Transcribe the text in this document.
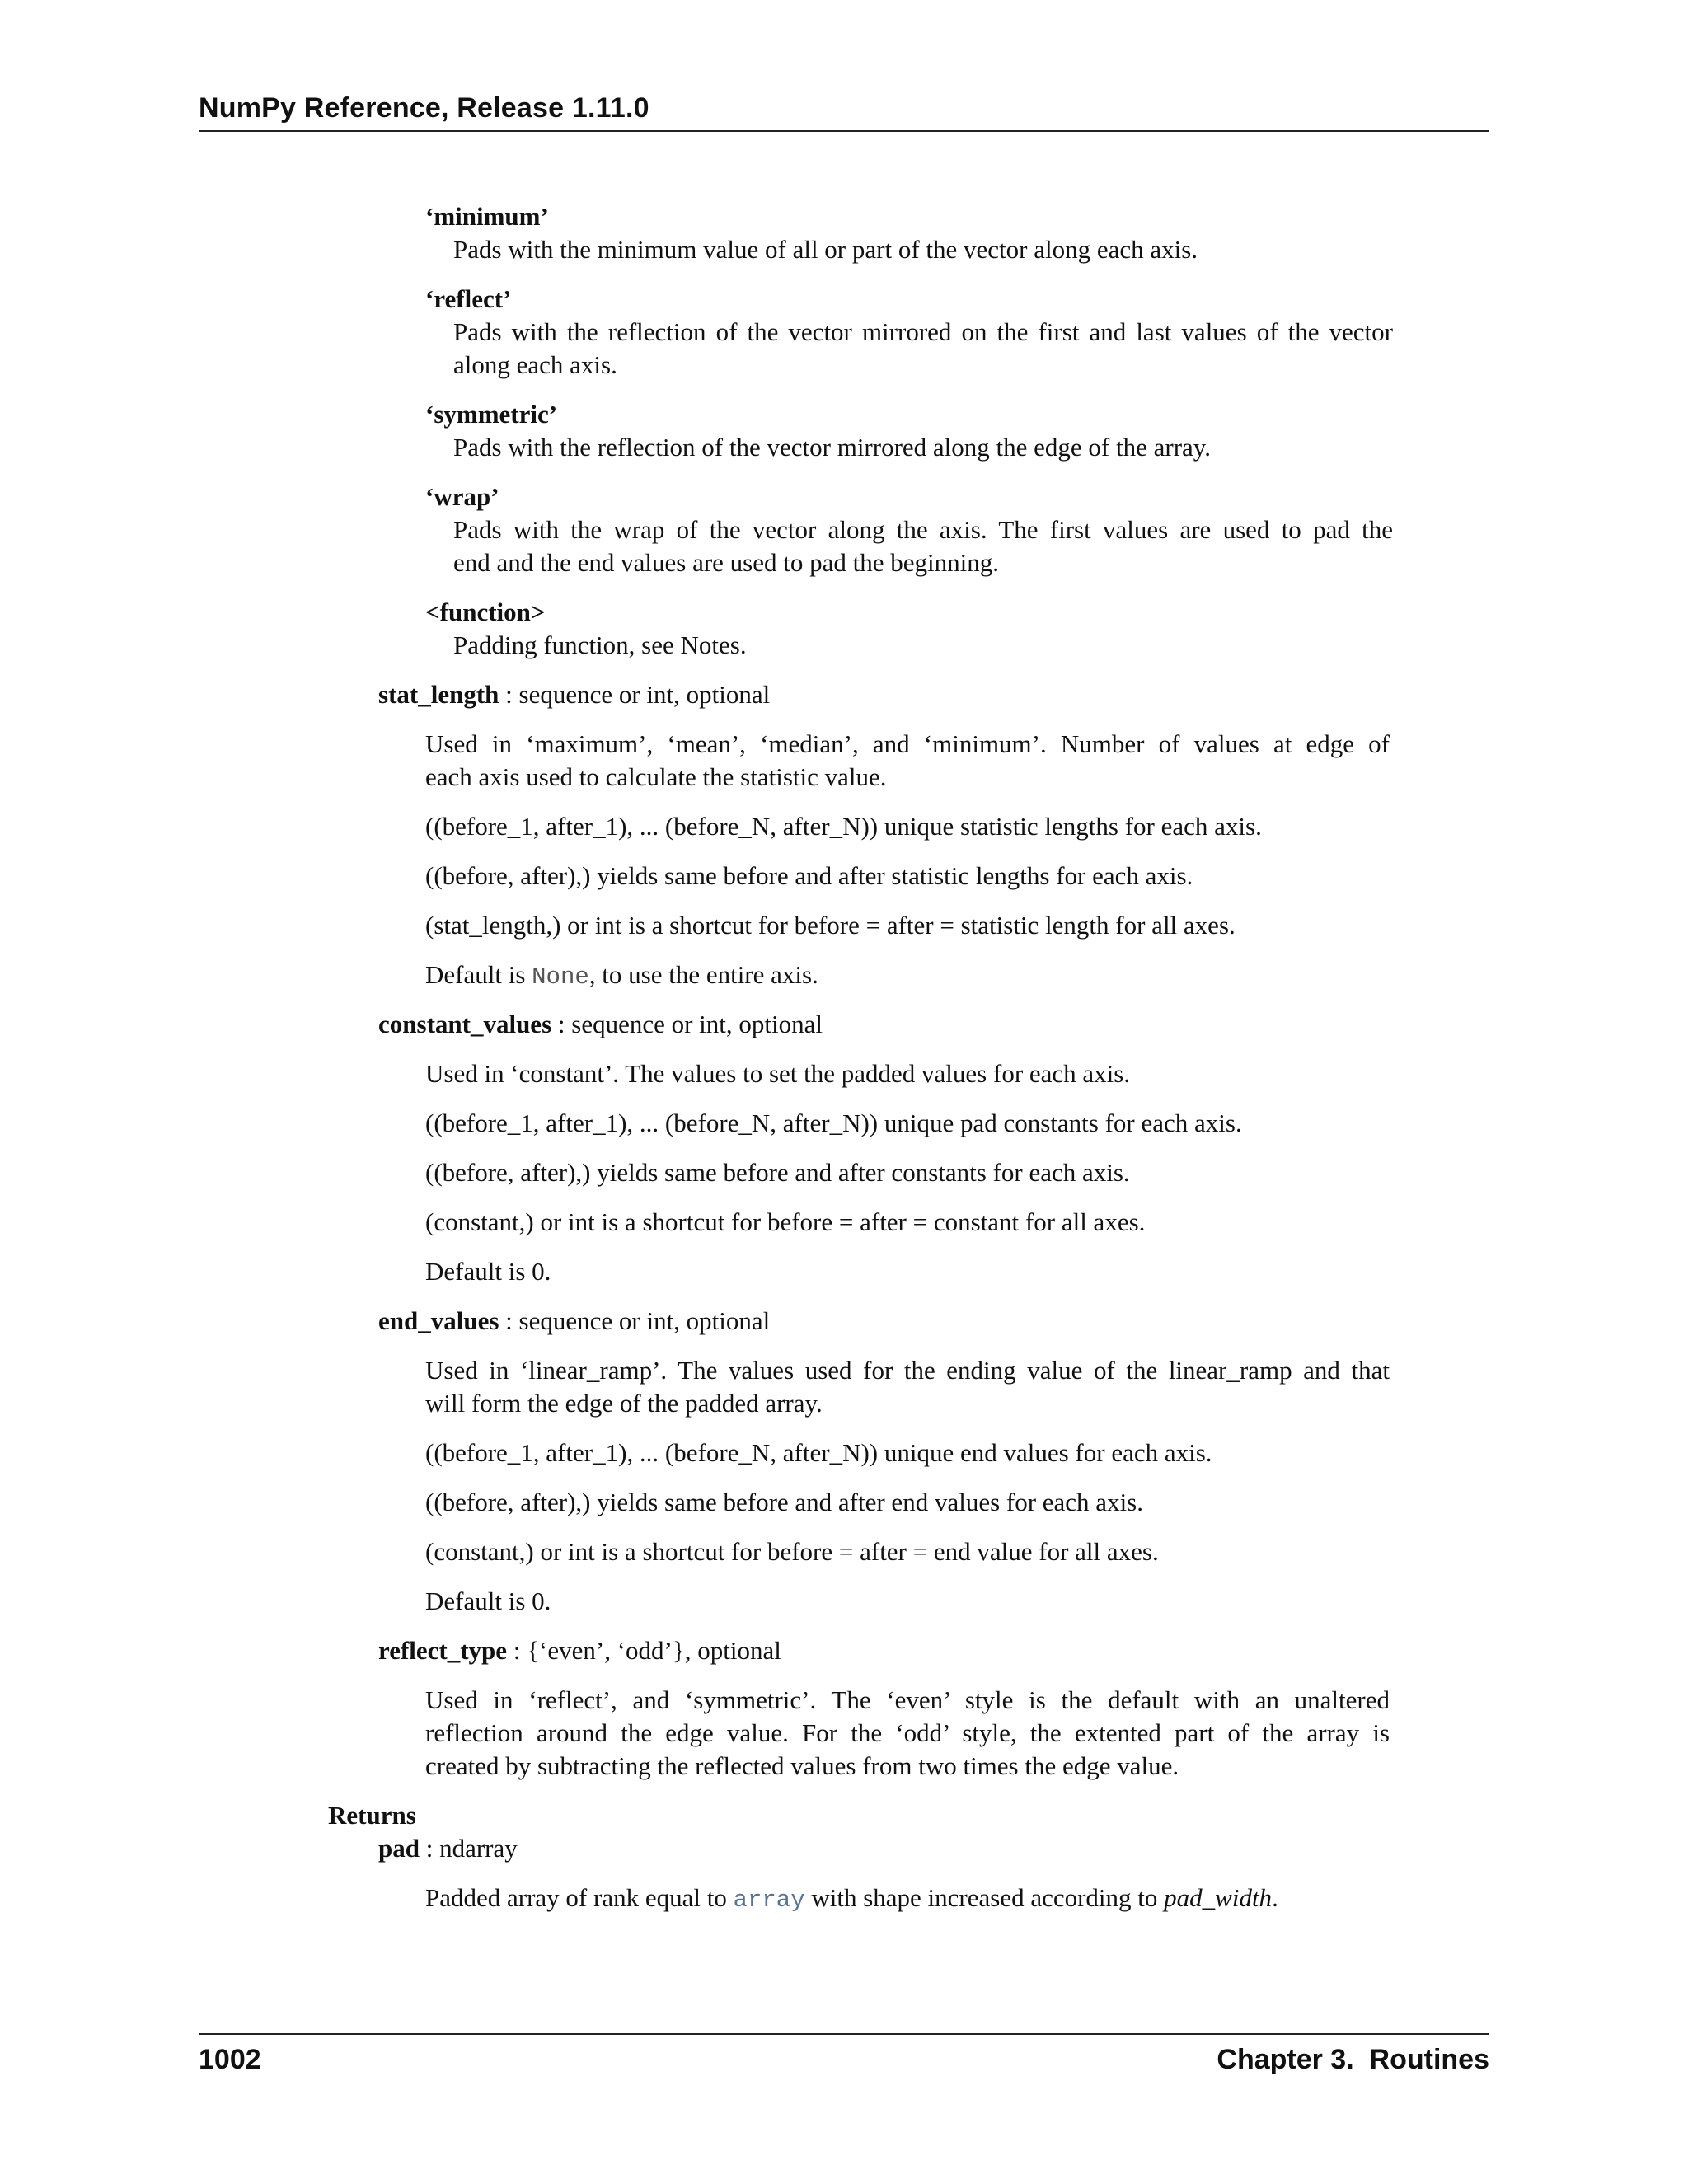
NumPy Reference, Release 1.11.0
‘minimum’
Pads with the minimum value of all or part of the vector along each axis.
‘reflect’
Pads with the reflection of the vector mirrored on the first and last values of the vector
along each axis.
‘symmetric’
Pads with the reflection of the vector mirrored along the edge of the array.
‘wrap’
Pads with the wrap of the vector along the axis. The first values are used to pad the
end and the end values are used to pad the beginning.
<function>
Padding function, see Notes.
stat_length : sequence or int, optional
Used in ‘maximum’, ‘mean’, ‘median’, and ‘minimum’. Number of values at edge of
each axis used to calculate the statistic value.
((before_1, after_1), ... (before_N, after_N)) unique statistic lengths for each axis.
((before, after),) yields same before and after statistic lengths for each axis.
(stat_length,) or int is a shortcut for before = after = statistic length for all axes.
Default is None, to use the entire axis.
constant_values : sequence or int, optional
Used in ‘constant’. The values to set the padded values for each axis.
((before_1, after_1), ... (before_N, after_N)) unique pad constants for each axis.
((before, after),) yields same before and after constants for each axis.
(constant,) or int is a shortcut for before = after = constant for all axes.
Default is 0.
end_values : sequence or int, optional
Used in ‘linear_ramp’. The values used for the ending value of the linear_ramp and that
will form the edge of the padded array.
((before_1, after_1), ... (before_N, after_N)) unique end values for each axis.
((before, after),) yields same before and after end values for each axis.
(constant,) or int is a shortcut for before = after = end value for all axes.
Default is 0.
reflect_type : {‘even’, ‘odd’}, optional
Used in ‘reflect’, and ‘symmetric’. The ‘even’ style is the default with an unaltered
reflection around the edge value. For the ‘odd’ style, the extented part of the array is
created by subtracting the reflected values from two times the edge value.
Returns
pad : ndarray
Padded array of rank equal to array with shape increased according to pad_width.
1002	Chapter 3.  Routines
